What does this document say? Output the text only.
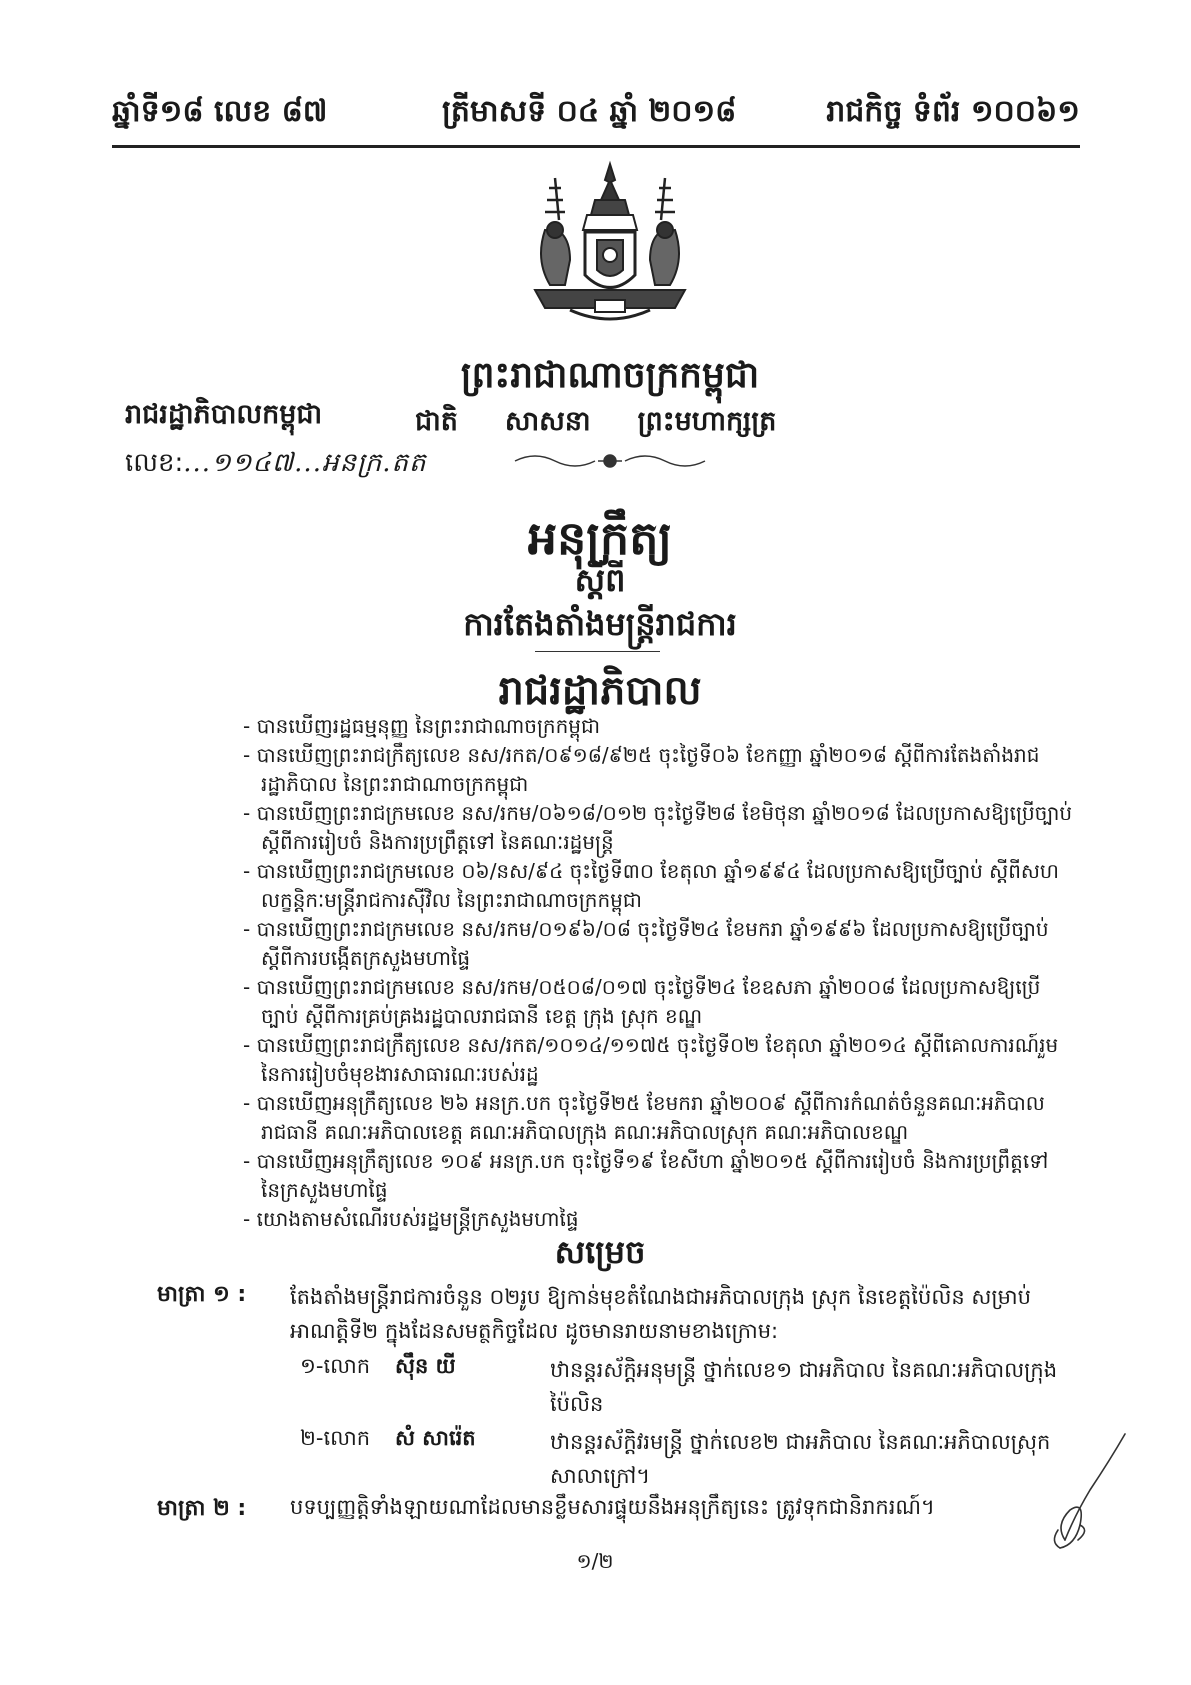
ឆ្នាំទី១៨ លេខ ៨៧	ត្រីមាសទី ០៤ ឆ្នាំ ២០១៨	រាជកិច្ច ទំព័រ ១០០៦១
ព្រះរាជាណាចក្រកម្ពុជា
ជាតិ សាសនា ព្រះមហាក្សត្រ
រាជរដ្ឋាភិបាលកម្ពុជា
លេខ:...១១៤៧...អនក្រ.តត
អនុក្រឹត្យ
ស្តីពី
ការតែងតាំងមន្ត្រីរាជការ
រាជរដ្ឋាភិបាល
- បានឃើញរដ្ឋធម្មនុញ្ញ នៃព្រះរាជាណាចក្រកម្ពុជា
- បានឃើញព្រះរាជក្រឹត្យលេខ នស/រកត/០៩១៨/៩២៥ ចុះថ្ងៃទី០៦ ខែកញ្ញា ឆ្នាំ២០១៨ ស្តីពីការតែងតាំងរាជរដ្ឋាភិបាល នៃព្រះរាជាណាចក្រកម្ពុជា
- បានឃើញព្រះរាជក្រមលេខ នស/រកម/០៦១៨/០១២ ចុះថ្ងៃទី២៨ ខែមិថុនា ឆ្នាំ២០១៨ ដែលប្រកាសឱ្យប្រើច្បាប់ស្តីពីការរៀបចំ និងការប្រព្រឹត្តទៅ នៃគណៈរដ្ឋមន្ត្រី
- បានឃើញព្រះរាជក្រមលេខ ០៦/នស/៩៤ ចុះថ្ងៃទី៣០ ខែតុលា ឆ្នាំ១៩៩៤ ដែលប្រកាសឱ្យប្រើច្បាប់ ស្តីពីសហលក្ខន្តិកៈមន្ត្រីរាជការស៊ីវិល នៃព្រះរាជាណាចក្រកម្ពុជា
- បានឃើញព្រះរាជក្រមលេខ នស/រកម/០១៩៦/០៨ ចុះថ្ងៃទី២៤ ខែមករា ឆ្នាំ១៩៩៦ ដែលប្រកាសឱ្យប្រើច្បាប់ ស្តីពីការបង្កើតក្រសួងមហាផ្ទៃ
- បានឃើញព្រះរាជក្រមលេខ នស/រកម/០៥០៨/០១៧ ចុះថ្ងៃទី២៤ ខែឧសភា ឆ្នាំ២០០៨ ដែលប្រកាសឱ្យប្រើច្បាប់ ស្តីពីការគ្រប់គ្រងរដ្ឋបាលរាជធានី ខេត្ត ក្រុង ស្រុក ខណ្ឌ
- បានឃើញព្រះរាជក្រឹត្យលេខ នស/រកត/១០១៤/១១៧៥ ចុះថ្ងៃទី០២ ខែតុលា ឆ្នាំ២០១៤ ស្តីពីគោលការណ៍រួម នៃការរៀបចំមុខងារសាធារណៈរបស់រដ្ឋ
- បានឃើញអនុក្រឹត្យលេខ ២៦ អនក្រ.បក ចុះថ្ងៃទី២៥ ខែមករា ឆ្នាំ២០០៩ ស្តីពីការកំណត់ចំនួនគណៈអភិបាលរាជធានី គណៈអភិបាលខេត្ត គណៈអភិបាលក្រុង គណៈអភិបាលស្រុក គណៈអភិបាលខណ្ឌ
- បានឃើញអនុក្រឹត្យលេខ ១០៩ អនក្រ.បក ចុះថ្ងៃទី១៩ ខែសីហា ឆ្នាំ២០១៥ ស្តីពីការរៀបចំ និងការប្រព្រឹត្តទៅ នៃក្រសួងមហាផ្ទៃ
- យោងតាមសំណើរបស់រដ្ឋមន្ត្រីក្រសួងមហាផ្ទៃ
សម្រេច
មាត្រា ១ : តែងតាំងមន្ត្រីរាជការចំនួន ០២រូប ឱ្យកាន់មុខតំណែងជាអភិបាលក្រុង ស្រុក នៃខេត្តប៉ៃលិន សម្រាប់អាណត្តិទី២ ក្នុងដែនសមត្ថកិច្ចដែល ដូចមានរាយនាមខាងក្រោម:
១-លោក ស៊ឹន យី	ឋានន្តរស័ក្តិអនុមន្ត្រី ថ្នាក់លេខ១ ជាអភិបាល នៃគណៈអភិបាលក្រុងប៉ៃលិន
២-លោក សំ សារ៉េត	ឋានន្តរស័ក្តិវរមន្ត្រី ថ្នាក់លេខ២ ជាអភិបាល នៃគណៈអភិបាលស្រុកសាលាក្រៅ។
មាត្រា ២ : បទប្បញ្ញត្តិទាំងឡាយណាដែលមានខ្លឹមសារផ្ទុយនឹងអនុក្រឹត្យនេះ ត្រូវទុកជានិរាករណ៍។
១/២
